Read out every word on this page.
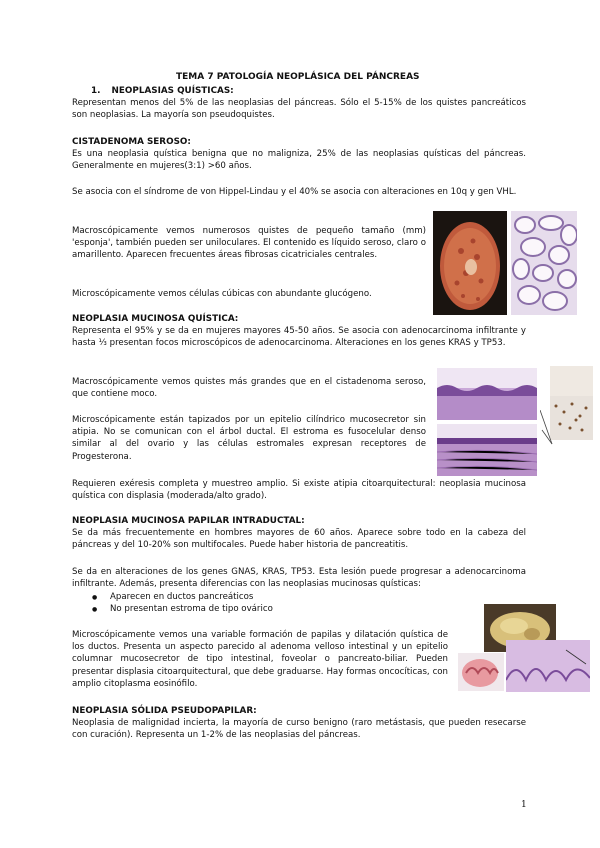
TEMA 7 PATOLOGÍA NEOPLÁSICA DEL PÁNCREAS
1. NEOPLASIAS QUÍSTICAS:
Representan menos del 5% de las neoplasias del páncreas. Sólo el 5-15% de los quistes pancreáticos son neoplasias. La mayoría son pseudoquistes.
CISTADENOMA SEROSO:
Es una neoplasia quística benigna que no maligniza, 25% de las neoplasias quísticas del páncreas. Generalmente en mujeres(3:1) >60 años.
Se asocia con el síndrome de von Hippel-Lindau y el 40% se asocia con alteraciones en 10q y gen VHL.
Macroscópicamente vemos numerosos quistes de pequeño tamaño (mm) 'esponja', también pueden ser uniloculares. El contenido es líquido seroso, claro o amarillento. Aparecen frecuentes áreas fibrosas cicatriciales centrales.
Microscópicamente vemos células cúbicas con abundante glucógeno.
NEOPLASIA MUCINOSA QUÍSTICA:
Representa el 95% y se da en mujeres mayores 45-50 años. Se asocia con adenocarcinoma infiltrante y hasta ⅓ presentan focos microscópicos de adenocarcinoma. Alteraciones en los genes KRAS y TP53.
Macroscópicamente vemos quistes más grandes que en el cistadenoma seroso, que contiene moco.
Microscópicamente están tapizados por un epitelio cilíndrico mucosecretor sin atipia. No se comunican con el árbol ductal. El estroma es fusocelular denso similar al del ovario y las células estromales expresan receptores de Progesterona.
Requieren exéresis completa y muestreo amplio. Si existe atipia citoarquitectural: neoplasia mucinosa quística con displasia (moderada/alto grado).
NEOPLASIA MUCINOSA PAPILAR INTRADUCTAL:
Se da más frecuentemente en hombres mayores de 60 años. Aparece sobre todo en la cabeza del páncreas y del 10-20% son multifocales. Puede haber historia de pancreatitis.
Se da en alteraciones de los genes GNAS, KRAS, TP53. Esta lesión puede progresar a adenocarcinoma infiltrante. Además, presenta diferencias con las neoplasias mucinosas quísticas:
● Aparecen en ductos pancreáticos
● No presentan estroma de tipo ovárico
Microscópicamente vemos una variable formación de papilas y dilatación quística de los ductos. Presenta un aspecto parecido al adenoma velloso intestinal y un epitelio columnar mucosecretor de tipo intestinal, foveolar o pancreato-biliar. Pueden presentar displasia citoarquitectural, que debe graduarse. Hay formas oncocíticas, con amplio citoplasma eosinófilo.
NEOPLASIA SÓLIDA PSEUDOPAPILAR:
Neoplasia de malignidad incierta, la mayoría de curso benigno (raro metástasis, que pueden resecarse con curación). Representa un 1-2% de las neoplasias del páncreas.
1
